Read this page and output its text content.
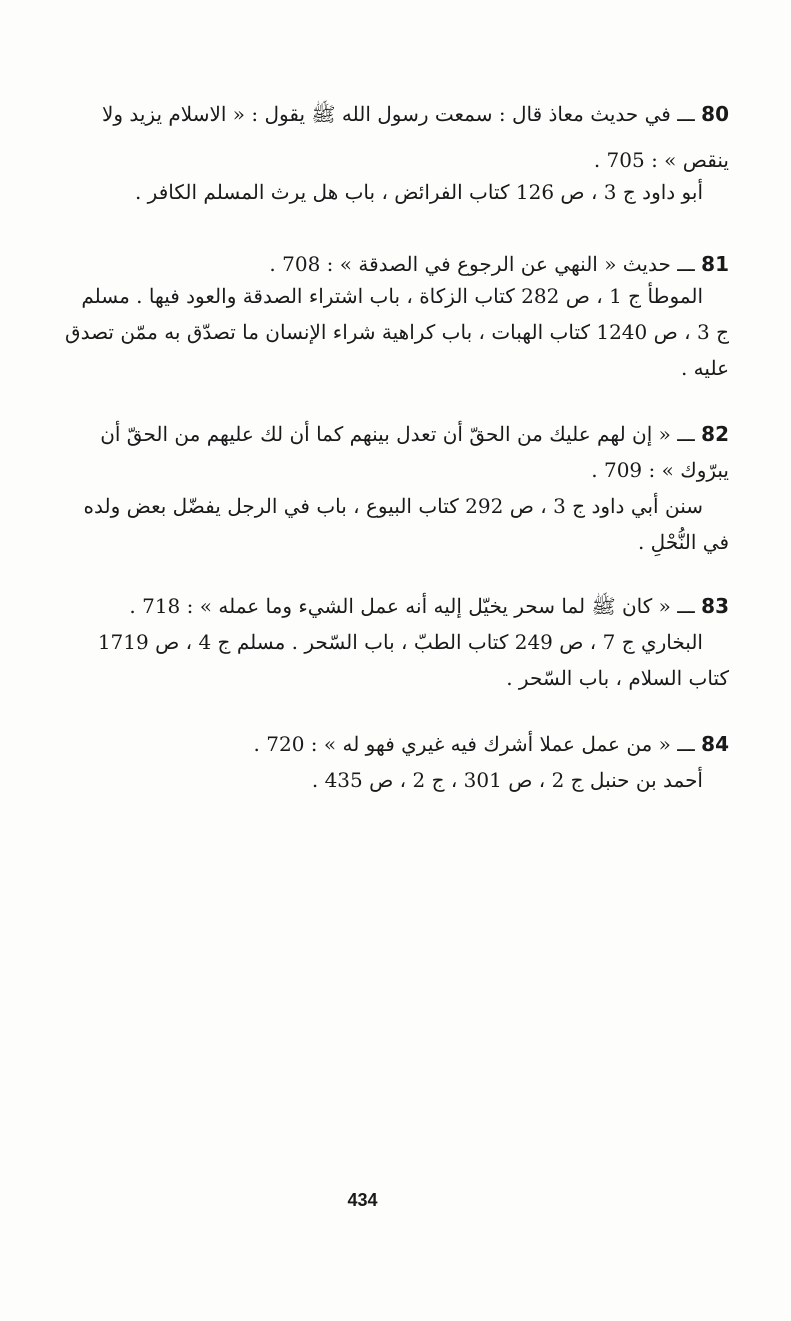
80 ـــ في حديث معاذ قال : سمعت رسول الله ﷺ يقول : « الاسلام يزيد ولا
ينقص » : 705 .
أبو داود ج 3 ، ص 126 كتاب الفرائض ، باب هل يرث المسلم الكافر .
81 ـــ حديث « النهي عن الرجوع في الصدقة » : 708 .
الموطأ ج 1 ، ص 282 كتاب الزكاة ، باب اشتراء الصدقة والعود فيها . مسلم
ج 3 ، ص 1240 كتاب الهبات ، باب كراهية شراء الإنسان ما تصدّق به ممّن تصدق
عليه .
82 ـــ « إن لهم عليك من الحقّ أن تعدل بينهم كما أن لك عليهم من الحقّ أن
يبرّوك » : 709 .
سنن أبي داود ج 3 ، ص 292 كتاب البيوع ، باب في الرجل يفضّل بعض ولده
في النُّحْلِ .
83 ـــ « كان ﷺ لما سحر يخيّل إليه أنه عمل الشيء وما عمله » : 718 .
البخاري ج 7 ، ص 249 كتاب الطبّ ، باب السّحر . مسلم ج 4 ، ص 1719
كتاب السلام ، باب السّحر .
84 ـــ « من عمل عملا أشرك فيه غيري فهو له » : 720 .
أحمد بن حنبل ج 2 ، ص 301 ، ج 2 ، ص 435 .
434
